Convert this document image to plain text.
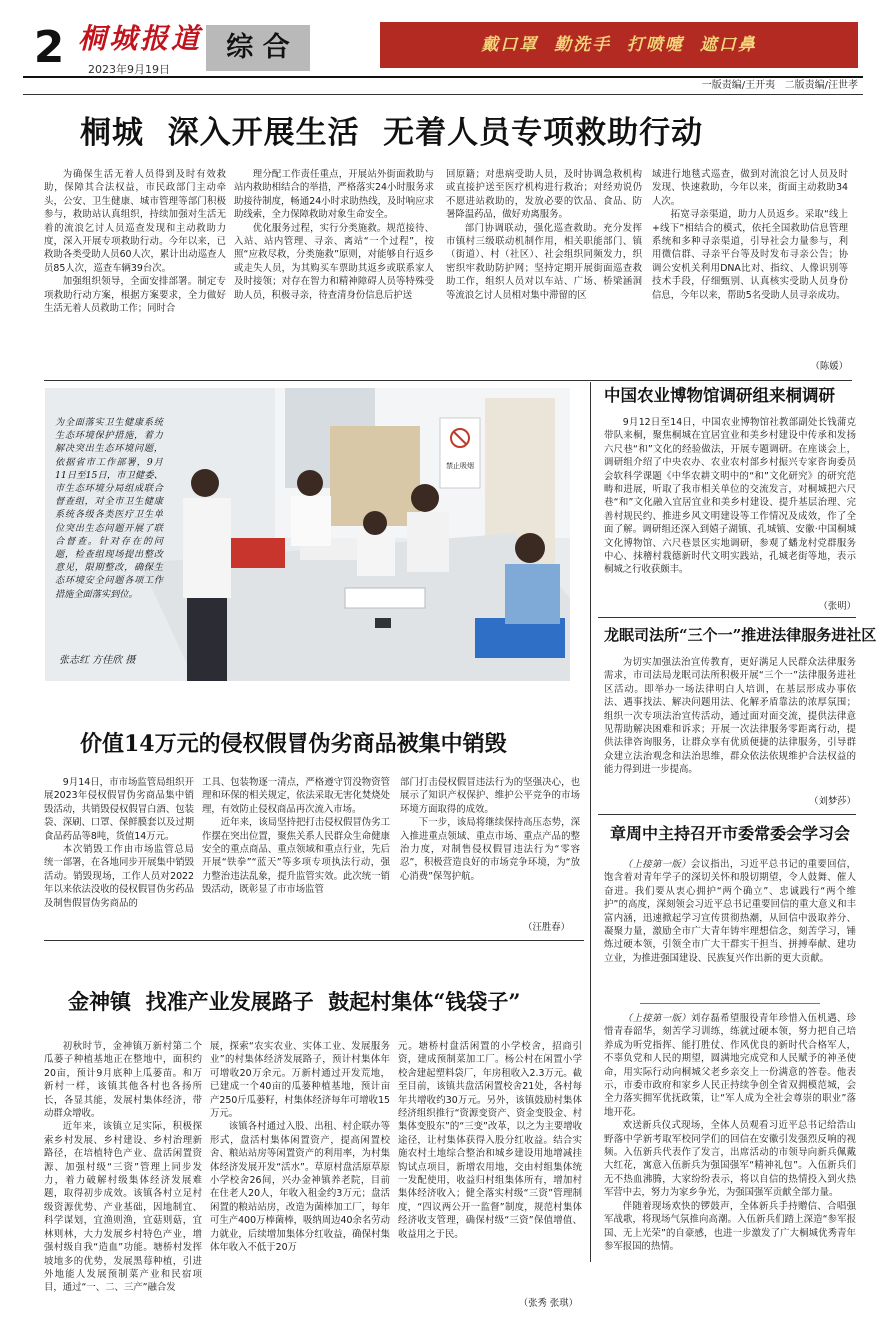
2 桐城报道
2023年9月19日
综 合	戴口罩  勤洗手  打喷嚏  遮口鼻
一版责编/王开夷   二版责编/汪世孝
桐城  深入开展生活  无着人员专项救助行动

为确保生活无着人员得到及时有效救助，保障其合法权益，市民政部门主动牵头，公安、卫生健康、城市管理等部门积极参与，救助站认真组织，持续加强对生活无着的流浪乞讨人员巡查发现和主动救助力度，深入开展专项救助行动。今年以来，已救助各类受助人员60人次，累计出动巡查人员85人次，巡查车辆39台次。

加强组织领导，全面安排部署。制定专项救助行动方案，根据方案要求，全力做好生活无着人员救助工作；同时合

理分配工作责任重点，开展站外街面救助与站内救助相结合的举措，严格落实24小时服务求助接待制度，畅通24小时求助热线，及时响应求助线索，全力保障救助对象生命安全。

优化服务过程，实行分类施救。规范接待、入站、站内管理、寻亲、离站“一个过程”，按照“应救尽救，分类施救”原则，对能够自行返乡或走失人员，为其购买车票助其返乡或联系家人及时接领；对存在智力和精神障碍人员等特殊受助人员，积极寻亲，待查清身份信息后护送

回原籍；对患病受助人员，及时协调急救机构或直接护送至医疗机构进行救治；对经劝说仍不愿进站救助的，发放必要的饮品、食品、防暑降温药品，做好劝离服务。

部门协调联动，强化巡查救助。充分发挥市镇村三级联动机制作用，相关职能部门、镇（街道）、村（社区）、社会组织同频发力，织密织牢救助防护网；坚持定期开展街面巡查救助工作，组织人员对以车站、广场、桥梁涵洞等流浪乞讨人员相对集中滞留的区

域进行地毯式巡查，做到对流浪乞讨人员及时发现、快速救助，今年以来，街面主动救助34人次。

拓宽寻亲渠道，助力人员返乡。采取“线上+线下”相结合的模式，依托全国救助信息管理系统和多种寻亲渠道，引导社会力量参与，利用微信群、寻亲平台等及时发布寻亲公告；协调公安机关利用DNA比对、指纹、人像识别等技术手段，仔细甄别、认真核实受助人员身份信息，今年以来，帮助5名受助人员寻亲成功。

（陈媛）
禁止吸烟
为全面落实卫生健康系统生态环境保护措施，着力解决突出生态环境问题，依据省市工作部署，9月11日至15日，市卫健委、市生态环境分局组成联合督查组，对全市卫生健康系统各级各类医疗卫生单位突出生态问题开展了联合督查。针对存在的问题，检查组现场提出整改意见，限期整改，确保生态环境安全问题各项工作措施全面落实到位。
张志红 方佳欣 摄
中国农业博物馆调研组来桐调研

9月12日至14日，中国农业博物馆社教部副处长钱蒲克带队来桐，聚焦桐城在宜居宜业和美乡村建设中传承和发扬六尺巷“和”文化的经验做法，开展专题调研。在座谈会上，调研组介绍了中央农办、农业农村部乡村振兴专家咨询委员会软科学课题《中华农耕文明中的“和”文化研究》的研究范畴和进展，听取了我市相关单位的交流发言，对桐城把六尺巷“和”文化融入宜居宜业和美乡村建设、提升基层治理、完善村规民约、推进乡风文明建设等工作情况及成效，作了全面了解。调研组还深入到嬉子湖镇、孔城镇、安徽·中国桐城文化博物馆、六尺巷景区实地调研，参观了蟠龙村党群服务中心、抹稽村栽德新时代文明实践站，孔城老街等地，表示桐城之行收获颇丰。

（张明）
龙眠司法所“三个一”推进法律服务进社区

为切实加强法治宣传教育，更好满足人民群众法律服务需求，市司法局龙眠司法所积极开展“三个一”法律服务进社区活动。即举办一场法律明白人培训，在基层形成办事依法、遇事找法、解决问题用法、化解矛盾靠法的浓厚氛围；组织一次专项法治宣传活动，通过面对面交流，提供法律意见帮助解决困难和诉求；开展一次法律服务零距离行动，提供法律咨询服务，让群众享有优质便捷的法律服务，引导群众建立法治观念和法治思维，群众依法依规维护合法权益的能力得到进一步提高。

（刘梦莎）
章周中主持召开市委常委会学习会

（上接第一版）会议指出，习近平总书记的重要回信，饱含着对青年学子的深切关怀和殷切期望，令人鼓舞、催人奋进。我们要从衷心拥护“两个确立”、忠诚践行“两个维护”的高度，深刻领会习近平总书记重要回信的重大意义和丰富内涵，迅速掀起学习宣传贯彻热潮，从回信中汲取养分、凝聚力量，激励全市广大青年铸牢理想信念，刻苦学习，锤炼过硬本领，引领全市广大干群实干担当、拼搏奉献、建功立业，为推进强国建设、民族复兴作出新的更大贡献。

（上接第一版）刘存磊希望服役青年珍惜入伍机遇、珍惜青春韶华，刻苦学习训练，练就过硬本领，努力把自己培养成为听党指挥、能打胜仗、作风优良的新时代合格军人，不辜负党和人民的期望，圆满地完成党和人民赋予的神圣使命，用实际行动向桐城父老乡亲交上一份满意的答卷。他表示，市委市政府和家乡人民正持续争创全省双拥模范城，会全力落实拥军优抚政策，让“军人成为全社会尊崇的职业”落地开花。

欢送新兵仪式现场，全体人员观看习近平总书记给浩山野落中学新考取军校同学们的回信在安徽引发强烈反响的视频。入伍新兵代表作了发言，出席活动的市领导向新兵佩戴大红花，寓意入伍新兵为强国强军“精神礼包”。入伍新兵们无不热血沸腾，大家纷纷表示，将以自信的热情投入到火热军营中去，努力为家乡争光，为强国强军贡献全部力量。

伴随着现场欢快的锣鼓声，全体新兵手持赠信、合唱强军战歌，将现场气氛推向高潮。入伍新兵们踏上深造“参军报国、无上光荣”的自豪感，也进一步激发了广大桐城优秀青年参军报国的热情。

价值14万元的侵权假冒伪劣商品被集中销毁

9月14日，市市场监管局组织开展2023年侵权假冒伪劣商品集中销毁活动，共销毁侵权假冒白酒、包装袋、深刷、口罩、保鲜膜套以及过期食品药品等8吨，货值14万元。

本次销毁工作由市场监管总局统一部署，在各地同步开展集中销毁活动。销毁现场，工作人员对2022年以来依法没收的侵权假冒伪劣药品及制售假冒伪劣商品的

工具、包装物逐一清点，严格遵守罚没物资管理和环保的相关规定，依法采取无害化焚烧处理，有效防止侵权商品再次流入市场。

近年来，该局坚持把打击侵权假冒伪劣工作摆在突出位置，聚焦关系人民群众生命健康安全的重点商品、重点领域和重点行业，先后开展“铁拳”“蓝天”等多项专项执法行动，强力整治违法乱象，提升监管实效。此次统一销毁活动，既彰显了市市场监管

部门打击侵权假冒违法行为的坚强决心，也展示了知识产权保护、维护公平竞争的市场环境方面取得的成效。

下一步，该局将继续保持高压态势，深入推进重点领域、重点市场、重点产品的整治力度，对制售侵权假冒违法行为“零容忍”，积极营造良好的市场竞争环境，为“放心消费”保驾护航。

（汪胜春）
金神镇  找准产业发展路子  鼓起村集体“钱袋子”

初秋时节，金神镇万新村第二个瓜蒌子种植基地正在整地中，面积约20亩，预计9月底种上瓜蒌苗。和万新村一样，该镇其他各村也各扬所长，各显其能，发展村集体经济，带动群众增收。

近年来，该镇立足实际，积极探索乡村发展、乡村建设、乡村治理新路径，在培植特色产业、盘活闲置资源、加强村级“三资”管理上同步发力，着力破解村级集体经济发展难题，取得初步成效。该镇各村立足村级资源优势、产业基础，因地制宜、科学谋划，宜渔则渔，宜菇则菇，宜林则林，大力发展乡村特色产业，增强村级自我“造血”功能。塘桥村发挥坡地多的优势，发展黑莓种植，引进外地能人发展预制菜产业和民宿项目，通过“一、二、三产”融合发

展，探索“农实农业、实体工业、发展服务业”的村集体经济发展路子，预计村集体年可增收20万余元。万新村通过开发荒地，已建成一个40亩的瓜蒌种植基地，预计亩产250斤瓜蒌籽，村集体经济每年可增收15万元。

该镇各村通过入股、出租、村企联办等形式，盘活村集体闲置资产，提高闲置校舍、粮站站房等闲置资产的利用率，为村集体经济发展开发“活水”。草原村盘活原草原小学校舍26间，兴办金神镇养老院，目前在住老人20人，年收入租金约3万元；盘活闲置的粮站站房，改造为菌棒加工厂，每年可生产400万棒菌棒，吸纳周边40余名劳动力就业，后续增加集体分红收益，确保村集体年收入不低于20万

元。塘桥村盘活闲置的小学校舍，招商引资，建成预制菜加工厂。杨公村在闲置小学校舍建起塑料袋厂，年房租收入2.3万元。截至目前，该镇共盘活闲置校舍21处，各村每年共增收约30万元。另外，该镇鼓励村集体经济组织推行“资源变资产、资金变股金、村集体变股东”的“三变”改革，以之为主要增收途径，让村集体获得入股分红收益。结合实施农村土地综合整治和城乡建设用地增减挂钩试点项目，新增农用地，交由村组集体统一发配使用，收益归村组集体所有，增加村集体经济收入；健全落实村级“三资”管理制度，“四议两公开一监督”制度，规范村集体经济收支管理，确保村级“三资”保值增值、收益用之于民。

（张秀 张琪）
